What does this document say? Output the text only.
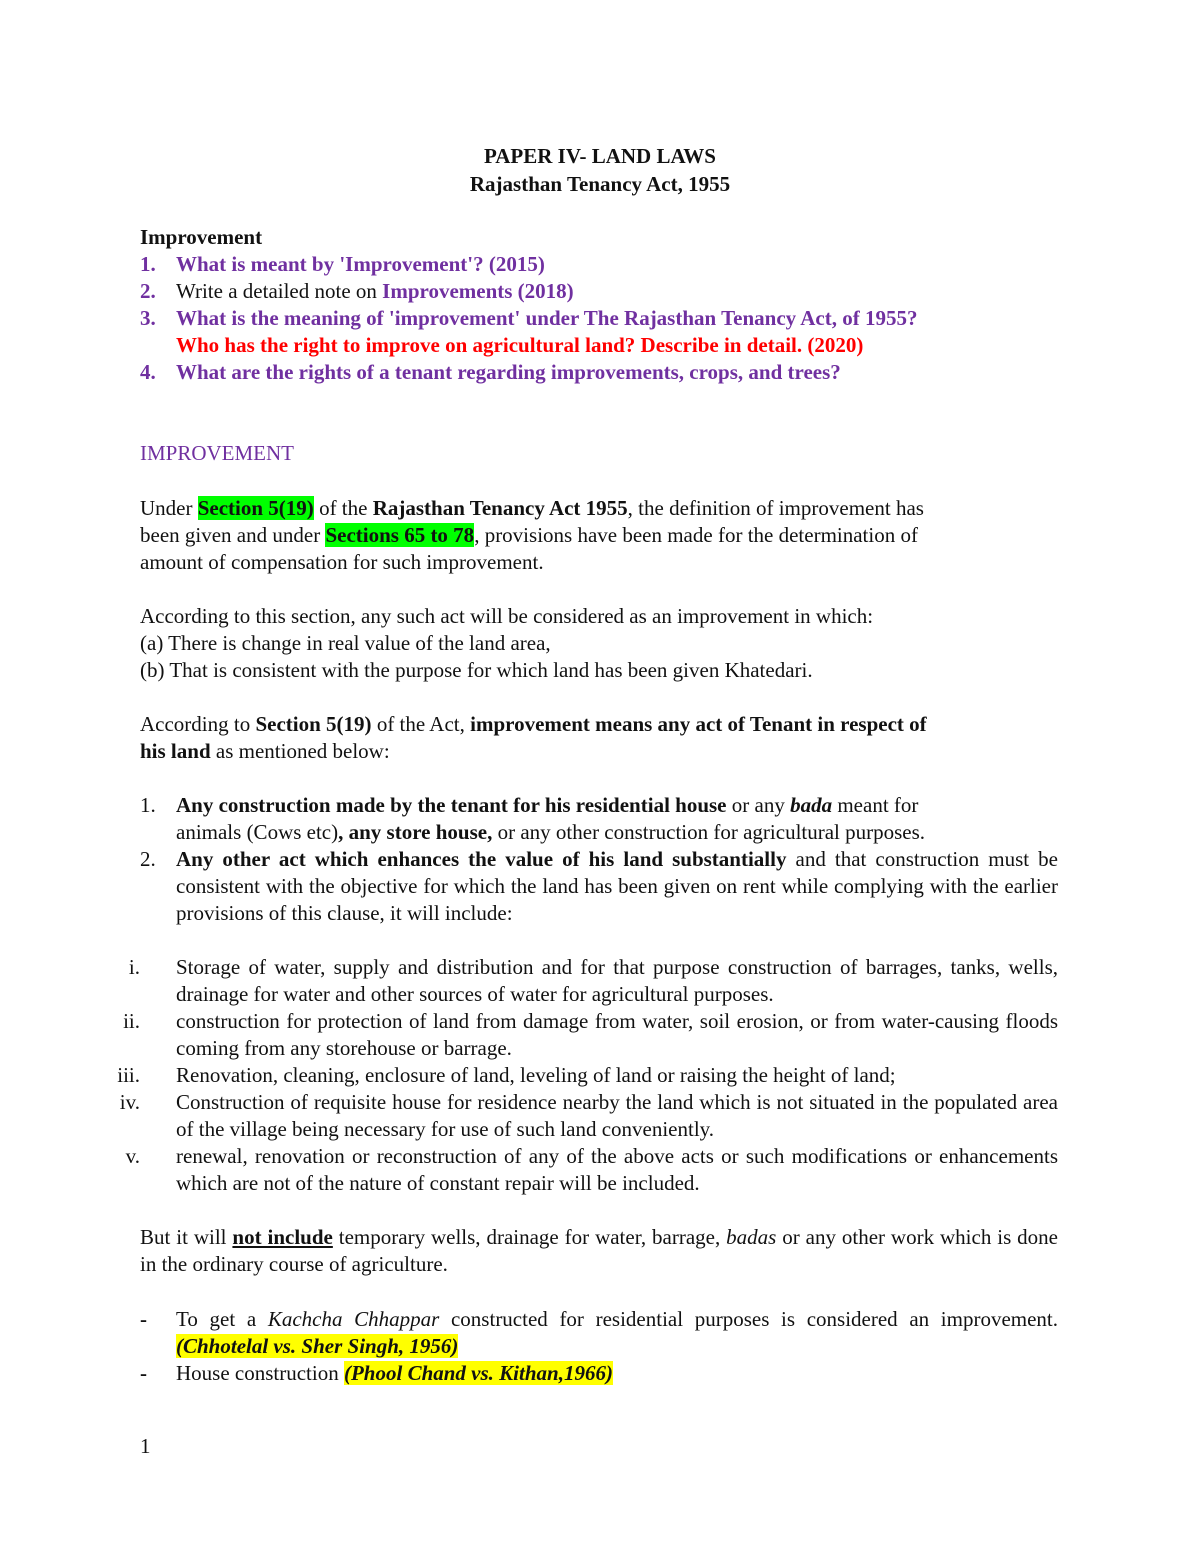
PAPER IV- LAND LAWS
Rajasthan Tenancy Act, 1955
Improvement
1. What is meant by 'Improvement'? (2015)
2. Write a detailed note on Improvements (2018)
3. What is the meaning of 'improvement' under The Rajasthan Tenancy Act, of 1955?
Who has the right to improve on agricultural land? Describe in detail. (2020)
4. What are the rights of a tenant regarding improvements, crops, and trees?
IMPROVEMENT
Under Section 5(19) of the Rajasthan Tenancy Act 1955, the definition of improvement has
been given and under Sections 65 to 78, provisions have been made for the determination of
amount of compensation for such improvement.
According to this section, any such act will be considered as an improvement in which:
(a) There is change in real value of the land area,
(b) That is consistent with the purpose for which land has been given Khatedari.
According to Section 5(19) of the Act, improvement means any act of Tenant in respect of
his land as mentioned below:
1. Any construction made by the tenant for his residential house or any bada meant for
animals (Cows etc), any store house, or any other construction for agricultural purposes.
2. Any other act which enhances the value of his land substantially and that construction must be consistent with the objective for which the land has been given on rent while complying with the earlier provisions of this clause, it will include:
i. Storage of water, supply and distribution and for that purpose construction of barrages, tanks, wells, drainage for water and other sources of water for agricultural purposes.
ii. construction for protection of land from damage from water, soil erosion, or from water-causing floods coming from any storehouse or barrage.
iii. Renovation, cleaning, enclosure of land, leveling of land or raising the height of land;
iv. Construction of requisite house for residence nearby the land which is not situated in the populated area of the village being necessary for use of such land conveniently.
v. renewal, renovation or reconstruction of any of the above acts or such modifications or enhancements which are not of the nature of constant repair will be included.
But it will not include temporary wells, drainage for water, barrage, badas or any other work which is done in the ordinary course of agriculture.
- To get a Kachcha Chhappar constructed for residential purposes is considered an improvement. (Chhotelal vs. Sher Singh, 1956)
- House construction (Phool Chand vs. Kithan,1966)
1
